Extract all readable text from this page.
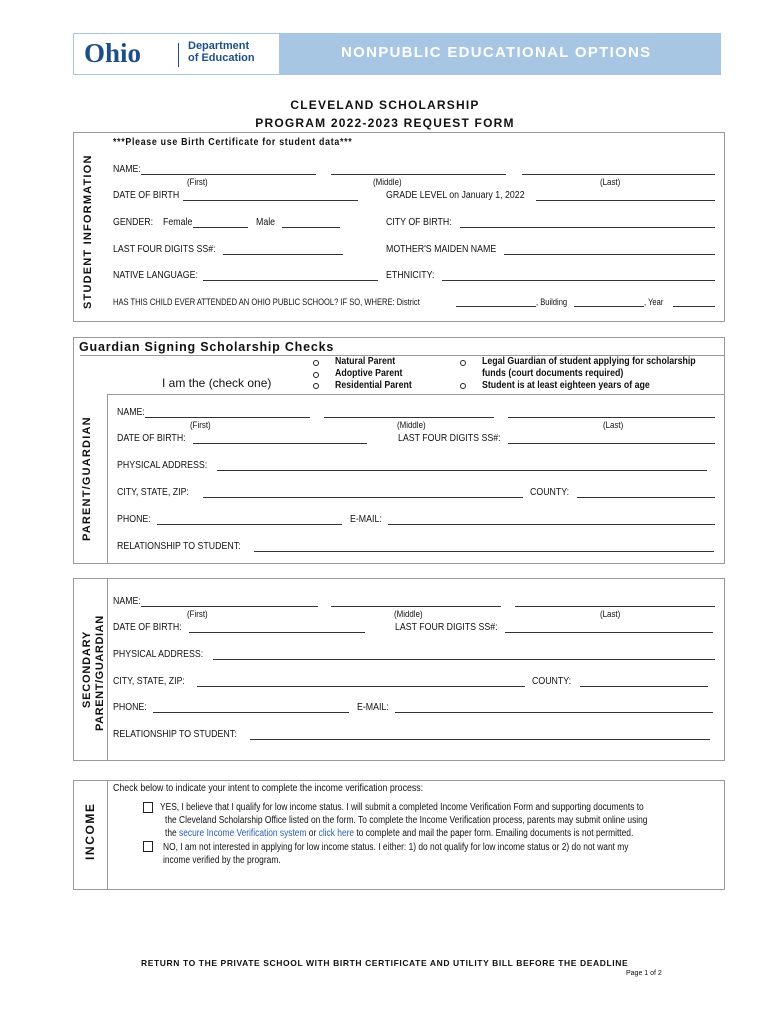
Ohio	Department
of Education	NONPUBLIC EDUCATIONAL OPTIONS
CLEVELAND SCHOLARSHIP
PROGRAM 2022-2023 REQUEST FORM
STUDENT INFORMATION
***Please use Birth Certificate for student data***
NAME:
(First)	(Middle)	(Last)
DATE OF BIRTH	GRADE LEVEL on January 1, 2022
GENDER: Female	Male	CITY OF BIRTH:
LAST FOUR DIGITS SS#:	MOTHER'S MAIDEN NAME
NATIVE LANGUAGE:	ETHNICITY:
HAS THIS CHILD EVER ATTENDED AN OHIO PUBLIC SCHOOL? IF SO, WHERE: District	, Building	, Year
Guardian Signing Scholarship Checks
PARENT/GUARDIAN
I am the (check one)
Natural Parent
Adoptive Parent
Residential Parent
Legal Guardian of student applying for scholarship
funds (court documents required)
Student is at least eighteen years of age
NAME:
(First)	(Middle)	(Last)
DATE OF BIRTH:	LAST FOUR DIGITS SS#:
PHYSICAL ADDRESS:
CITY, STATE, ZIP:	COUNTY:
PHONE:	E-MAIL:
RELATIONSHIP TO STUDENT:
SECONDARY PARENT/GUARDIAN
NAME:
(First)	(Middle)	(Last)
DATE OF BIRTH:	LAST FOUR DIGITS SS#:
PHYSICAL ADDRESS:
CITY, STATE, ZIP:	COUNTY:
PHONE:	E-MAIL:
RELATIONSHIP TO STUDENT:
INCOME
Check below to indicate your intent to complete the income verification process:
YES, I believe that I qualify for low income status. I will submit a completed Income Verification Form and supporting documents to
the Cleveland Scholarship Office listed on the form. To complete the Income Verification process, parents may submit online using
the secure Income Verification system or click here to complete and mail the paper form. Emailing documents is not permitted.
NO, I am not interested in applying for low income status. I either: 1) do not qualify for low income status or 2) do not want my
income verified by the program.
RETURN TO THE PRIVATE SCHOOL WITH BIRTH CERTIFICATE AND UTILITY BILL BEFORE THE DEADLINE
Page 1 of 2
